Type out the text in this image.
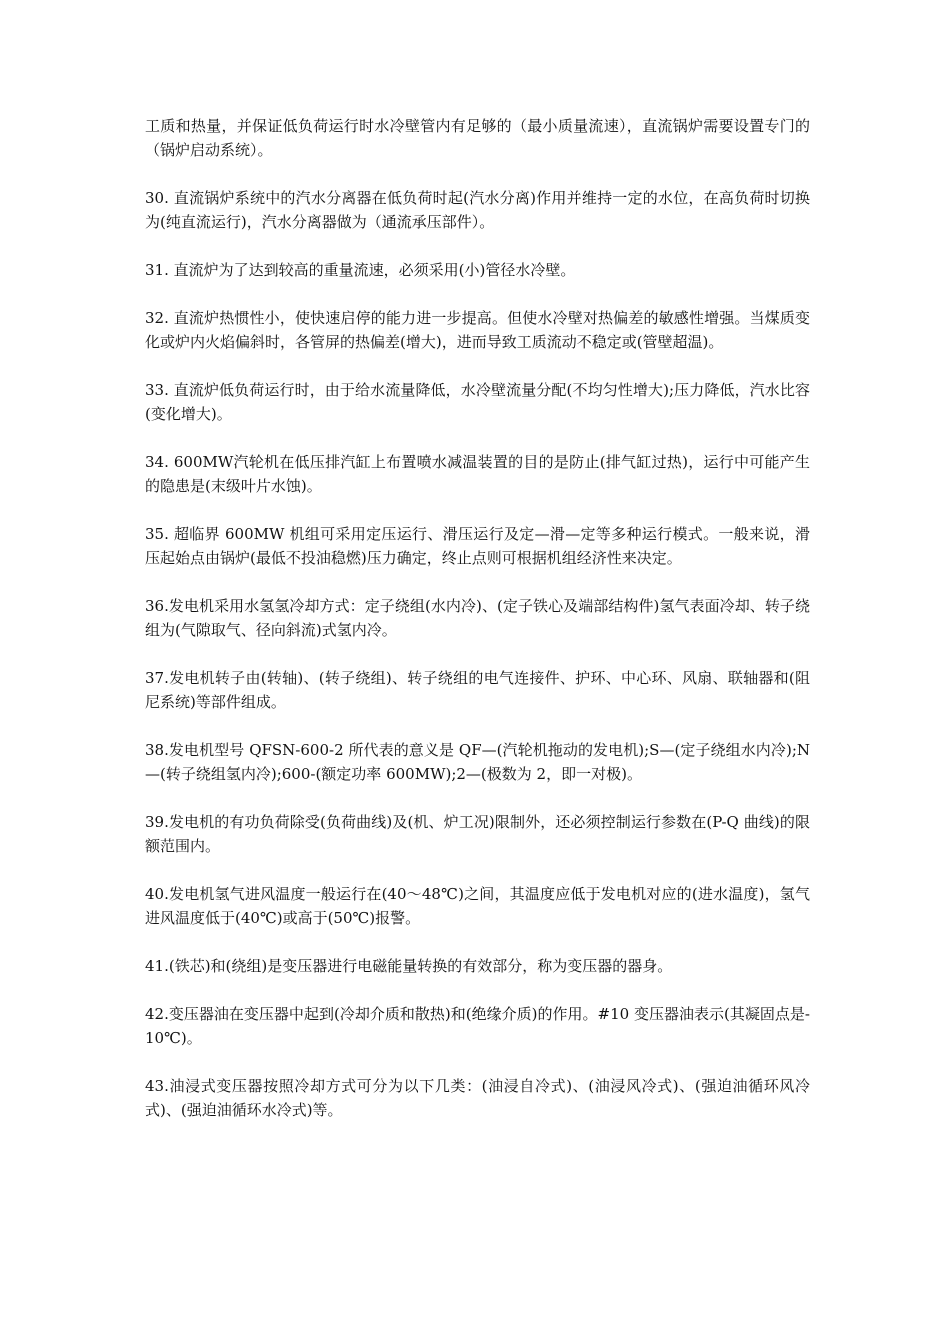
工质和热量，并保证低负荷运行时水冷壁管内有足够的（最小质量流速），直流锅炉需要设置专门的（锅炉启动系统）。

30. 直流锅炉系统中的汽水分离器在低负荷时起(汽水分离)作用并维持一定的水位，在高负荷时切换为(纯直流运行)，汽水分离器做为（通流承压部件）。

31. 直流炉为了达到较高的重量流速，必须采用(小)管径水冷壁。

32. 直流炉热惯性小，使快速启停的能力进一步提高。但使水冷壁对热偏差的敏感性增强。当煤质变化或炉内火焰偏斜时，各管屏的热偏差(增大)，进而导致工质流动不稳定或(管壁超温)。

33. 直流炉低负荷运行时，由于给水流量降低，水冷壁流量分配(不均匀性增大);压力降低，汽水比容(变化增大)。

34. 600MW汽轮机在低压排汽缸上布置喷水减温装置的目的是防止(排气缸过热)，运行中可能产生的隐患是(末级叶片水蚀)。

35. 超临界 600MW 机组可采用定压运行、滑压运行及定—滑—定等多种运行模式。一般来说，滑压起始点由锅炉(最低不投油稳燃)压力确定，终止点则可根据机组经济性来决定。

36.发电机采用水氢氢冷却方式：定子绕组(水内冷)、(定子铁心及端部结构件)氢气表面冷却、转子绕组为(气隙取气、径向斜流)式氢内冷。

37.发电机转子由(转轴)、(转子绕组)、转子绕组的电气连接件、护环、中心环、风扇、联轴器和(阻尼系统)等部件组成。

38.发电机型号 QFSN-600-2 所代表的意义是 QF—(汽轮机拖动的发电机);S—(定子绕组水内冷);N—(转子绕组氢内冷);600-(额定功率 600MW);2—(极数为 2，即一对极)。

39.发电机的有功负荷除受(负荷曲线)及(机、炉工况)限制外，还必须控制运行参数在(P-Q 曲线)的限额范围内。

40.发电机氢气进风温度一般运行在(40～48℃)之间，其温度应低于发电机对应的(进水温度)，氢气进风温度低于(40℃)或高于(50℃)报警。

41.(铁芯)和(绕组)是变压器进行电磁能量转换的有效部分，称为变压器的器身。

42.变压器油在变压器中起到(冷却介质和散热)和(绝缘介质)的作用。#10 变压器油表示(其凝固点是-10℃)。

43.油浸式变压器按照冷却方式可分为以下几类：(油浸自冷式)、(油浸风冷式)、(强迫油循环风冷式)、(强迫油循环水冷式)等。
